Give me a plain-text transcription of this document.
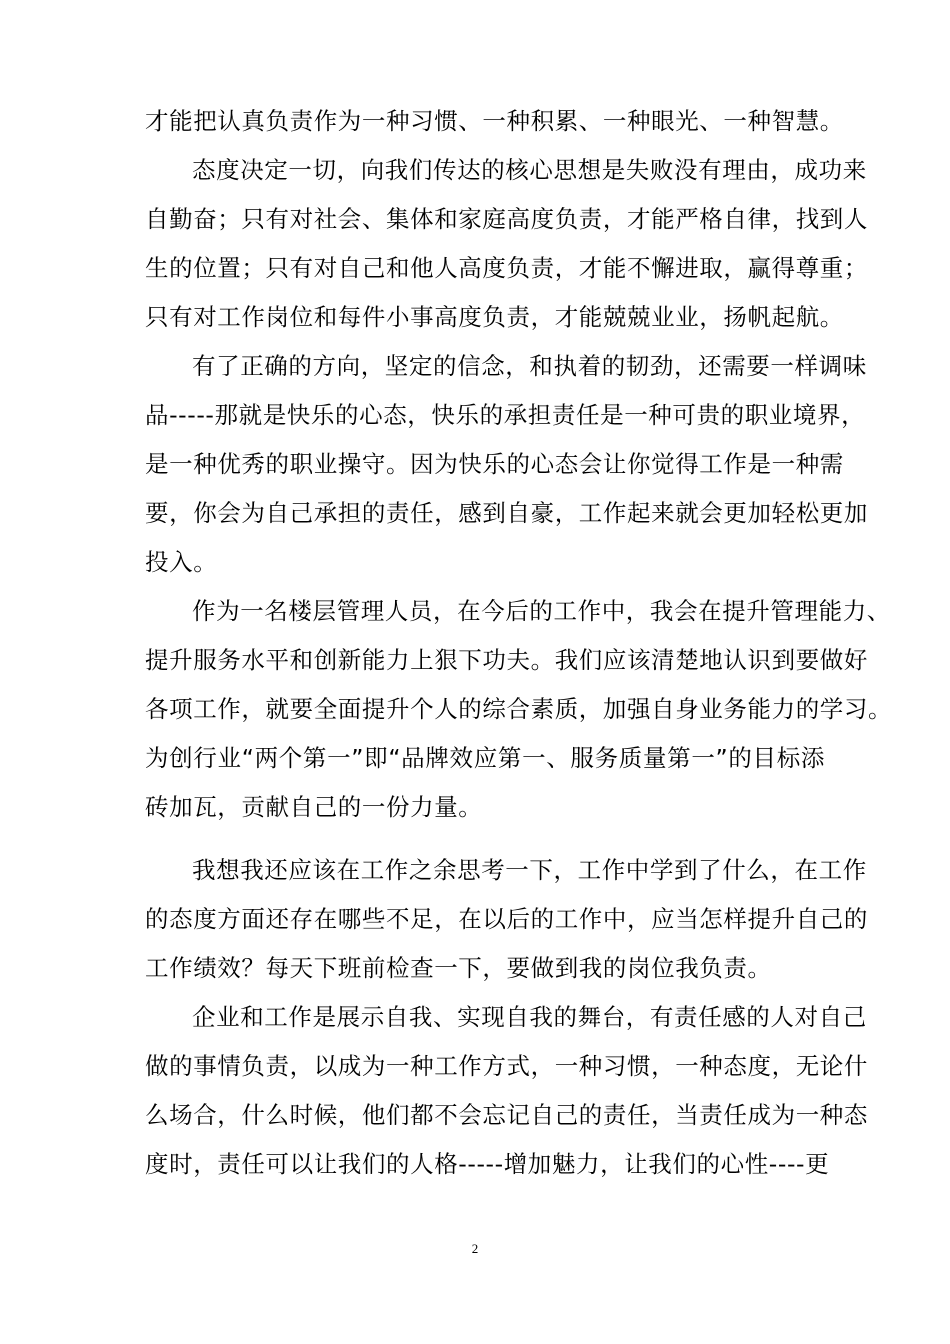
才能把认真负责作为一种习惯、一种积累、一种眼光、一种智慧。
态度决定一切，向我们传达的核心思想是失败没有理由，成功来
自勤奋；只有对社会、集体和家庭高度负责，才能严格自律，找到人
生的位置；只有对自己和他人高度负责，才能不懈进取，赢得尊重；
只有对工作岗位和每件小事高度负责，才能兢兢业业，扬帆起航。
有了正确的方向，坚定的信念，和执着的韧劲，还需要一样调味
品-----那就是快乐的心态，快乐的承担责任是一种可贵的职业境界，
是一种优秀的职业操守。因为快乐的心态会让你觉得工作是一种需
要，你会为自己承担的责任，感到自豪，工作起来就会更加轻松更加
投入。
作为一名楼层管理人员，在今后的工作中，我会在提升管理能力、
提升服务水平和创新能力上狠下功夫。我们应该清楚地认识到要做好
各项工作，就要全面提升个人的综合素质，加强自身业务能力的学习。
为创行业“两个第一”即“品牌效应第一、服务质量第一”的目标添
砖加瓦，贡献自己的一份力量。
我想我还应该在工作之余思考一下，工作中学到了什么，在工作
的态度方面还存在哪些不足，在以后的工作中，应当怎样提升自己的
工作绩效？每天下班前检查一下，要做到我的岗位我负责。
企业和工作是展示自我、实现自我的舞台，有责任感的人对自己
做的事情负责，以成为一种工作方式，一种习惯，一种态度，无论什
么场合，什么时候，他们都不会忘记自己的责任，当责任成为一种态
度时，责任可以让我们的人格-----增加魅力，让我们的心性----更
2
